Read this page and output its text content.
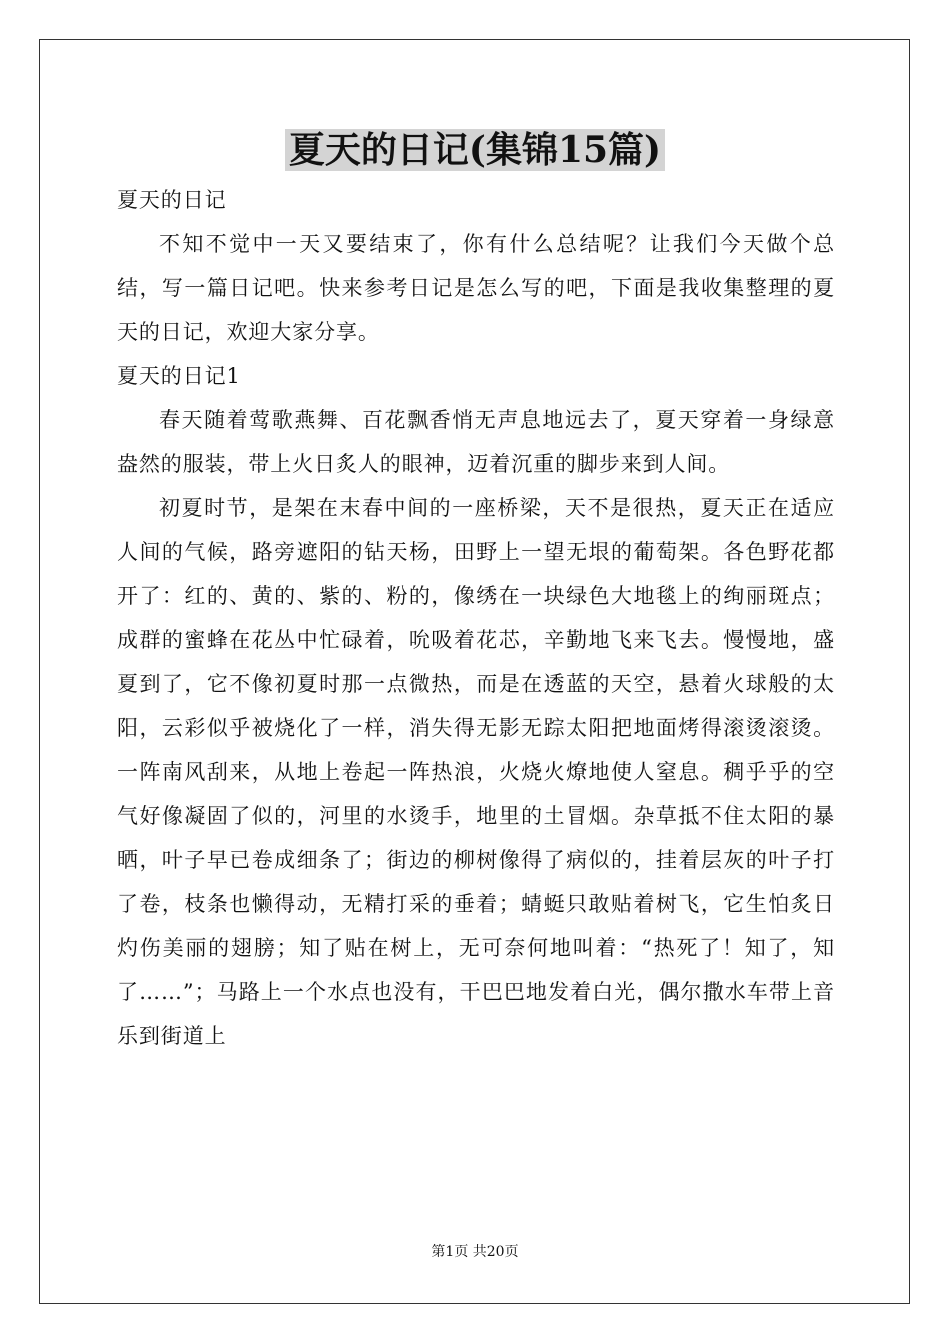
夏天的日记(集锦15篇)

夏天的日记

不知不觉中一天又要结束了，你有什么总结呢？让我们今天做个总结，写一篇日记吧。快来参考日记是怎么写的吧，下面是我收集整理的夏天的日记，欢迎大家分享。

夏天的日记1

春天随着莺歌燕舞、百花飘香悄无声息地远去了，夏天穿着一身绿意盎然的服装，带上火日炙人的眼神，迈着沉重的脚步来到人间。

初夏时节，是架在末春中间的一座桥梁，天不是很热，夏天正在适应人间的气候，路旁遮阳的钻天杨，田野上一望无垠的葡萄架。各色野花都开了：红的、黄的、紫的、粉的，像绣在一块绿色大地毯上的绚丽斑点；成群的蜜蜂在花丛中忙碌着，吮吸着花芯，辛勤地飞来飞去。慢慢地，盛夏到了，它不像初夏时那一点微热，而是在透蓝的天空，悬着火球般的太阳，云彩似乎被烧化了一样，消失得无影无踪太阳把地面烤得滚烫滚烫。一阵南风刮来，从地上卷起一阵热浪，火烧火燎地使人窒息。稠乎乎的空气好像凝固了似的，河里的水烫手，地里的土冒烟。杂草抵不住太阳的暴晒，叶子早已卷成细条了；街边的柳树像得了病似的，挂着层灰的叶子打了卷，枝条也懒得动，无精打采的垂着；蜻蜓只敢贴着树飞，它生怕炙日灼伤美丽的翅膀；知了贴在树上，无可奈何地叫着：“热死了！知了，知了……”；马路上一个水点也没有，干巴巴地发着白光，偶尔撒水车带上音乐到街道上

第1页 共20页
